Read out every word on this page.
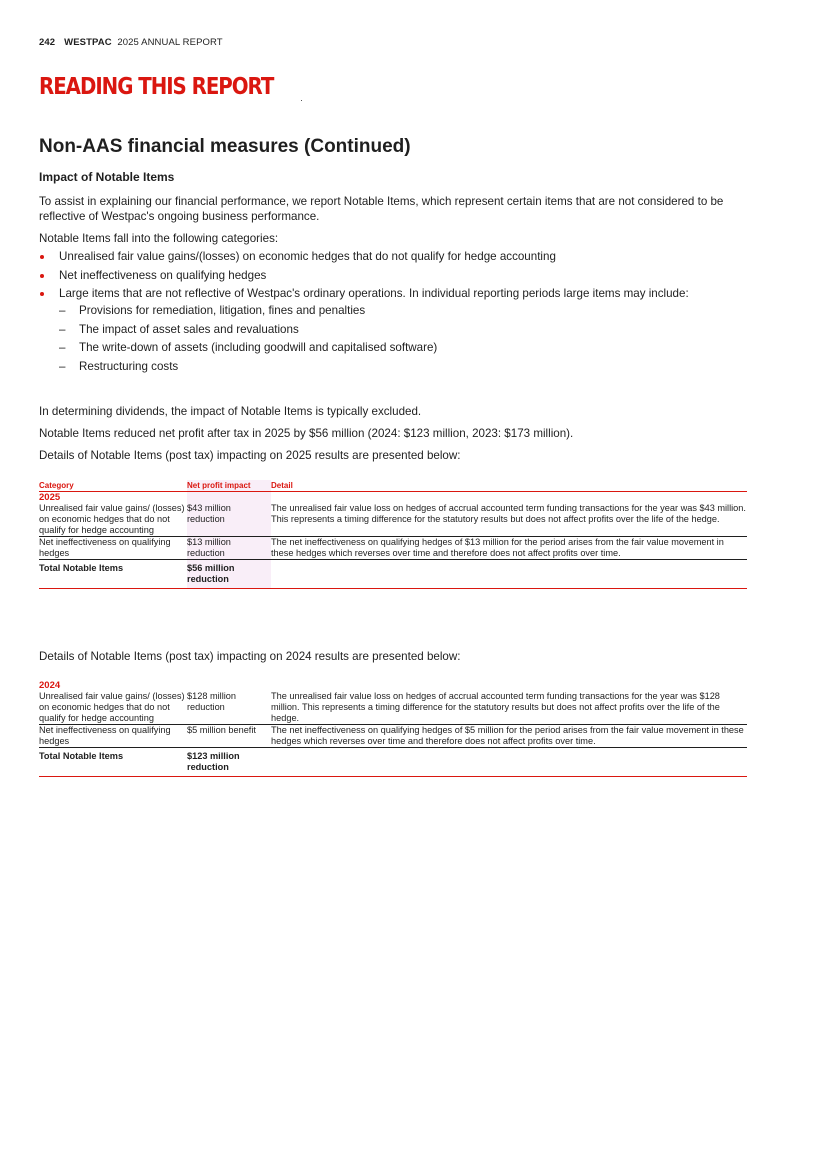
242 WESTPAC 2025 ANNUAL REPORT
READING THIS REPORT
Non-AAS financial measures (Continued)
Impact of Notable Items
To assist in explaining our financial performance, we report Notable Items, which represent certain items that are not considered to be reflective of Westpac's ongoing business performance.
Notable Items fall into the following categories:
Unrealised fair value gains/(losses) on economic hedges that do not qualify for hedge accounting
Net ineffectiveness on qualifying hedges
Large items that are not reflective of Westpac's ordinary operations. In individual reporting periods large items may include:
– Provisions for remediation, litigation, fines and penalties
– The impact of asset sales and revaluations
– The write-down of assets (including goodwill and capitalised software)
– Restructuring costs
In determining dividends, the impact of Notable Items is typically excluded.
Notable Items reduced net profit after tax in 2025 by $56 million (2024: $123 million, 2023: $173 million).
Details of Notable Items (post tax) impacting on 2025 results are presented below:
Category	Net profit impact	Detail
2025		
Unrealised fair value gains/ (losses) on economic hedges that do not qualify for hedge accounting	$43 million reduction	The unrealised fair value loss on hedges of accrual accounted term funding transactions for the year was $43 million. This represents a timing difference for the statutory results but does not affect profits over the life of the hedge.
Net ineffectiveness on qualifying hedges	$13 million reduction	The net ineffectiveness on qualifying hedges of $13 million for the period arises from the fair value movement in these hedges which reverses over time and therefore does not affect profits over time.
Total Notable Items	$56 million reduction	
Details of Notable Items (post tax) impacting on 2024 results are presented below:
2024		
Unrealised fair value gains/ (losses) on economic hedges that do not qualify for hedge accounting	$128 million reduction	The unrealised fair value loss on hedges of accrual accounted term funding transactions for the year was $128 million. This represents a timing difference for the statutory results but does not affect profits over the life of the hedge.
Net ineffectiveness on qualifying hedges	$5 million benefit	The net ineffectiveness on qualifying hedges of $5 million for the period arises from the fair value movement in these hedges which reverses over time and therefore does not affect profits over time.
Total Notable Items	$123 million reduction	
